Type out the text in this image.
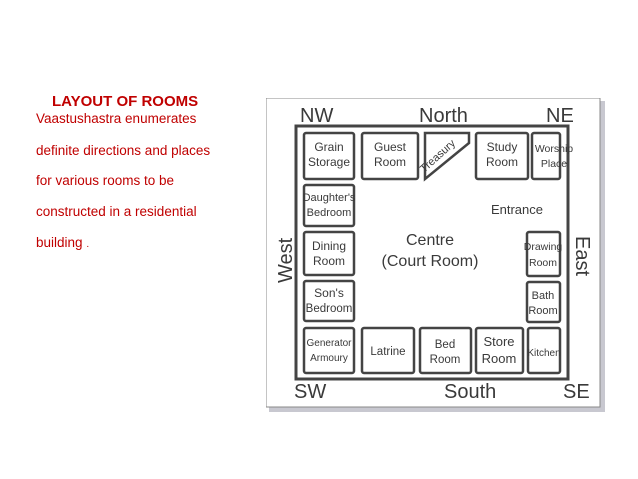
LAYOUT OF ROOMS
Vaastushastra enumerates
definite directions and places
for various rooms to be
constructed in a residential
building .
NW	North	NE
SW	South	SE
West	East
Grain
Storage
Guest
Room Treasury Study
Room
Worship
Place
Daughter's
Bedroom	Entrance
Centre
(Court Room)
Dining
Room
Drawing
Room
Son's
Bedroom
Bath
Room
Generator
Armoury
Latrine
Bed
Room
Store
Room Kitchen
